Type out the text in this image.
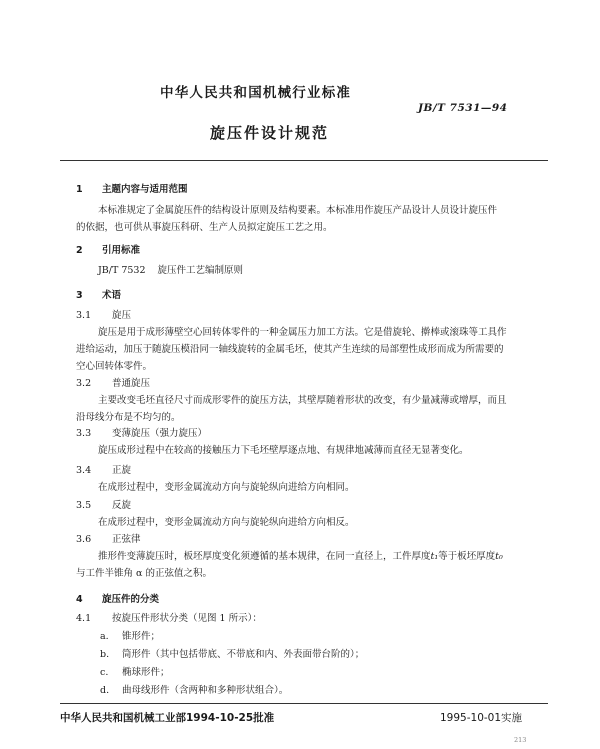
中华人民共和国机械行业标准
JB/T 7531—94
旋压件设计规范
1 主题内容与适用范围
本标准规定了金属旋压件的结构设计原则及结构要素。本标准用作旋压产品设计人员设计旋压件
的依据，也可供从事旋压科研、生产人员拟定旋压工艺之用。
2 引用标准
JB/T 7532 旋压件工艺编制原则
3 术语
3.1 旋压
旋压是用于成形薄壁空心回转体零件的一种金属压力加工方法。它是借旋轮、擀棒或滚珠等工具作
进给运动，加压于随旋压模沿同一轴线旋转的金属毛坯，使其产生连续的局部塑性成形而成为所需要的
空心回转体零件。
3.2 普通旋压
主要改变毛坯直径尺寸而成形零件的旋压方法，其壁厚随着形状的改变，有少量减薄或增厚，而且
沿母线分布是不均匀的。
3.3 变薄旋压（强力旋压）
旋压成形过程中在较高的接触压力下毛坯壁厚逐点地、有规律地减薄而直径无显著变化。
3.4 正旋
在成形过程中，变形金属流动方向与旋轮纵向进给方向相同。
3.5 反旋
在成形过程中，变形金属流动方向与旋轮纵向进给方向相反。
3.6 正弦律
推形件变薄旋压时，板坯厚度变化须遵循的基本规律，在同一直径上，工件厚度t₁等于板坯厚度t₀
与工件半锥角 α 的正弦值之积。
4 旋压件的分类
4.1 按旋压件形状分类（见图 1 所示）：
a. 锥形件；
b. 筒形件（其中包括带底、不带底和内、外表面带台阶的）；
c. 椭球形件；
d. 曲母线形件（含两种和多种形状组合）。
中华人民共和国机械工业部1994-10-25批准	1995-10-01实施
213
